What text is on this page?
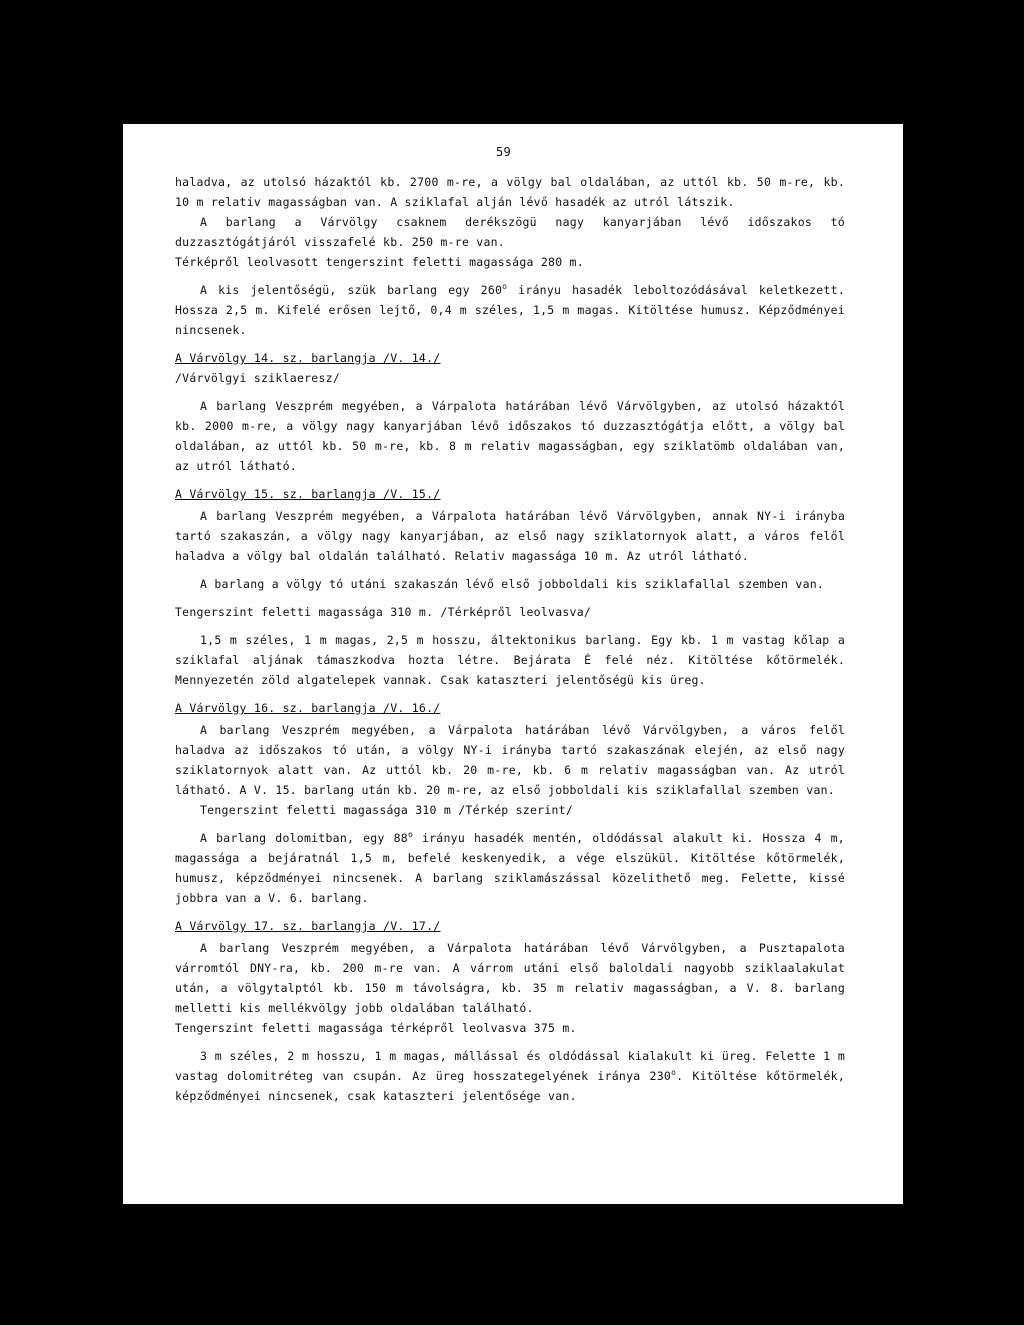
59

haladva, az utolsó házaktól kb. 2700 m-re, a völgy bal oldalában, az uttól kb. 50 m-re, kb. 10 m relativ magasságban van. A sziklafal alján lévő hasadék az utról látszik.

A barlang a Várvölgy csaknem derékszögü nagy kanyarjában lévő időszakos tó duzzasztógátjáról visszafelé kb. 250 m-re van.

Térképről leolvasott tengerszint feletti magassága 280 m.

A kis jelentőségü, szük barlang egy 260$^o$ irányu hasadék leboltozódásával keletkezett. Hossza 2,5 m. Kifelé erősen lejtő, 0,4 m széles, 1,5 m magas. Kitöltése humusz. Képződményei nincsenek.

A Várvölgy 14. sz. barlangja /V. 14./

/Várvölgyi sziklaeresz/

A barlang Veszprém megyében, a Várpalota határában lévő Várvölgyben, az utolsó házaktól kb. 2000 m-re, a völgy nagy kanyarjában lévő időszakos tó duzzasztógátja előtt, a völgy bal oldalában, az uttól kb. 50 m-re, kb. 8 m relativ magasságban, egy sziklatömb oldalában van, az utról látható.

A Várvölgy 15. sz. barlangja /V. 15./

A barlang Veszprém megyében, a Várpalota határában lévő Várvölgyben, annak NY-i irányba tartó szakaszán, a völgy nagy kanyarjában, az első nagy sziklatornyok alatt, a város felől haladva a völgy bal oldalán található. Relativ magassága 10 m. Az utról látható.

A barlang a völgy tó utáni szakaszán lévő első jobboldali kis sziklafallal szemben van.

Tengerszint feletti magassága 310 m. /Térképről leolvasva/

1,5 m széles, 1 m magas, 2,5 m hosszu, áltektonikus barlang. Egy kb. 1 m vastag kőlap a sziklafal aljának támaszkodva hozta létre. Bejárata É felé néz. Kitöltése kőtörmelék. Mennyezetén zöld algatelepek vannak. Csak kataszteri jelentőségü kis üreg.

A Várvölgy 16. sz. barlangja /V. 16./

A barlang Veszprém megyében, a Várpalota határában lévő Várvölgyben, a város felől haladva az időszakos tó után, a völgy NY-i irányba tartó szakaszának elején, az első nagy sziklatornyok alatt van. Az uttól kb. 20 m-re, kb. 6 m relativ magasságban van. Az utról látható. A V. 15. barlang után kb. 20 m-re, az első jobboldali kis sziklafallal szemben van.

Tengerszint feletti magassága 310 m /Térkép szerint/

A barlang dolomitban, egy 88$^o$ irányu hasadék mentén, oldódással alakult ki. Hossza 4 m, magassága a bejáratnál 1,5 m, befelé keskenyedik, a vége elszükül. Kitöltése kőtörmelék, humusz, képződményei nincsenek. A barlang sziklamászással közelithető meg. Felette, kissé jobbra van a V. 6. barlang.

A Várvölgy 17. sz. barlangja /V. 17./

A barlang Veszprém megyében, a Várpalota határában lévő Várvölgyben, a Pusztapalota várromtól DNY-ra, kb. 200 m-re van. A várrom utáni első baloldali nagyobb sziklaalakulat után, a völgytalptól kb. 150 m távolságra, kb. 35 m relativ magasságban, a V. 8. barlang melletti kis mellékvölgy jobb oldalában található.

Tengerszint feletti magassága térképről leolvasva 375 m.

3 m széles, 2 m hosszu, 1 m magas, mállással és oldódással kialakult ki üreg. Felette 1 m vastag dolomitréteg van csupán. Az üreg hosszategelyének iránya 230$^o$. Kitöltése kőtörmelék, képződményei nincsenek, csak kataszteri jelentősége van.
